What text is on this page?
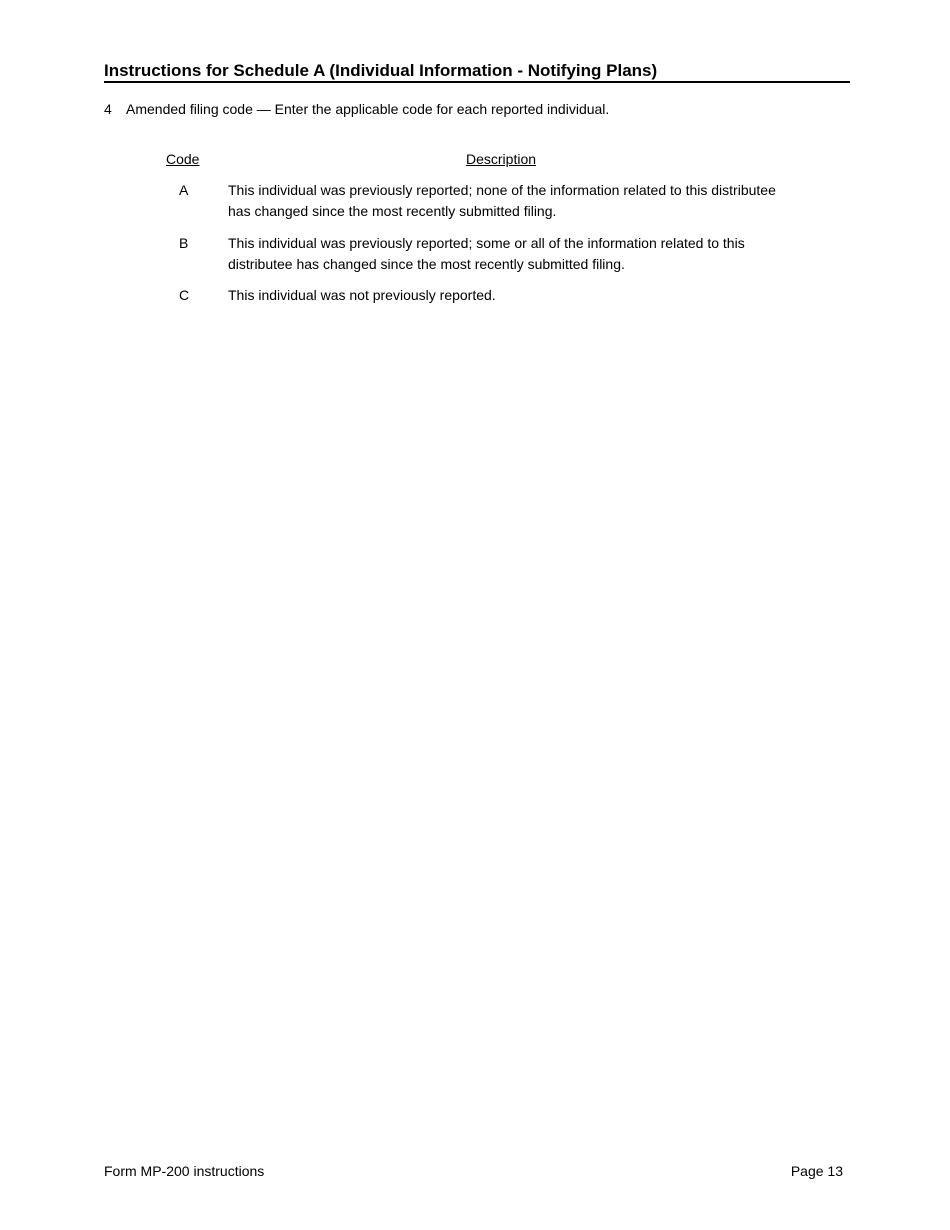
Instructions for Schedule A (Individual Information - Notifying Plans)
4 Amended filing code — Enter the applicable code for each reported individual.
Code	Description
A	This individual was previously reported; none of the information related to this distributee has changed since the most recently submitted filing.
B	This individual was previously reported; some or all of the information related to this distributee has changed since the most recently submitted filing.
C	This individual was not previously reported.
Form MP-200 instructions	Page 13
